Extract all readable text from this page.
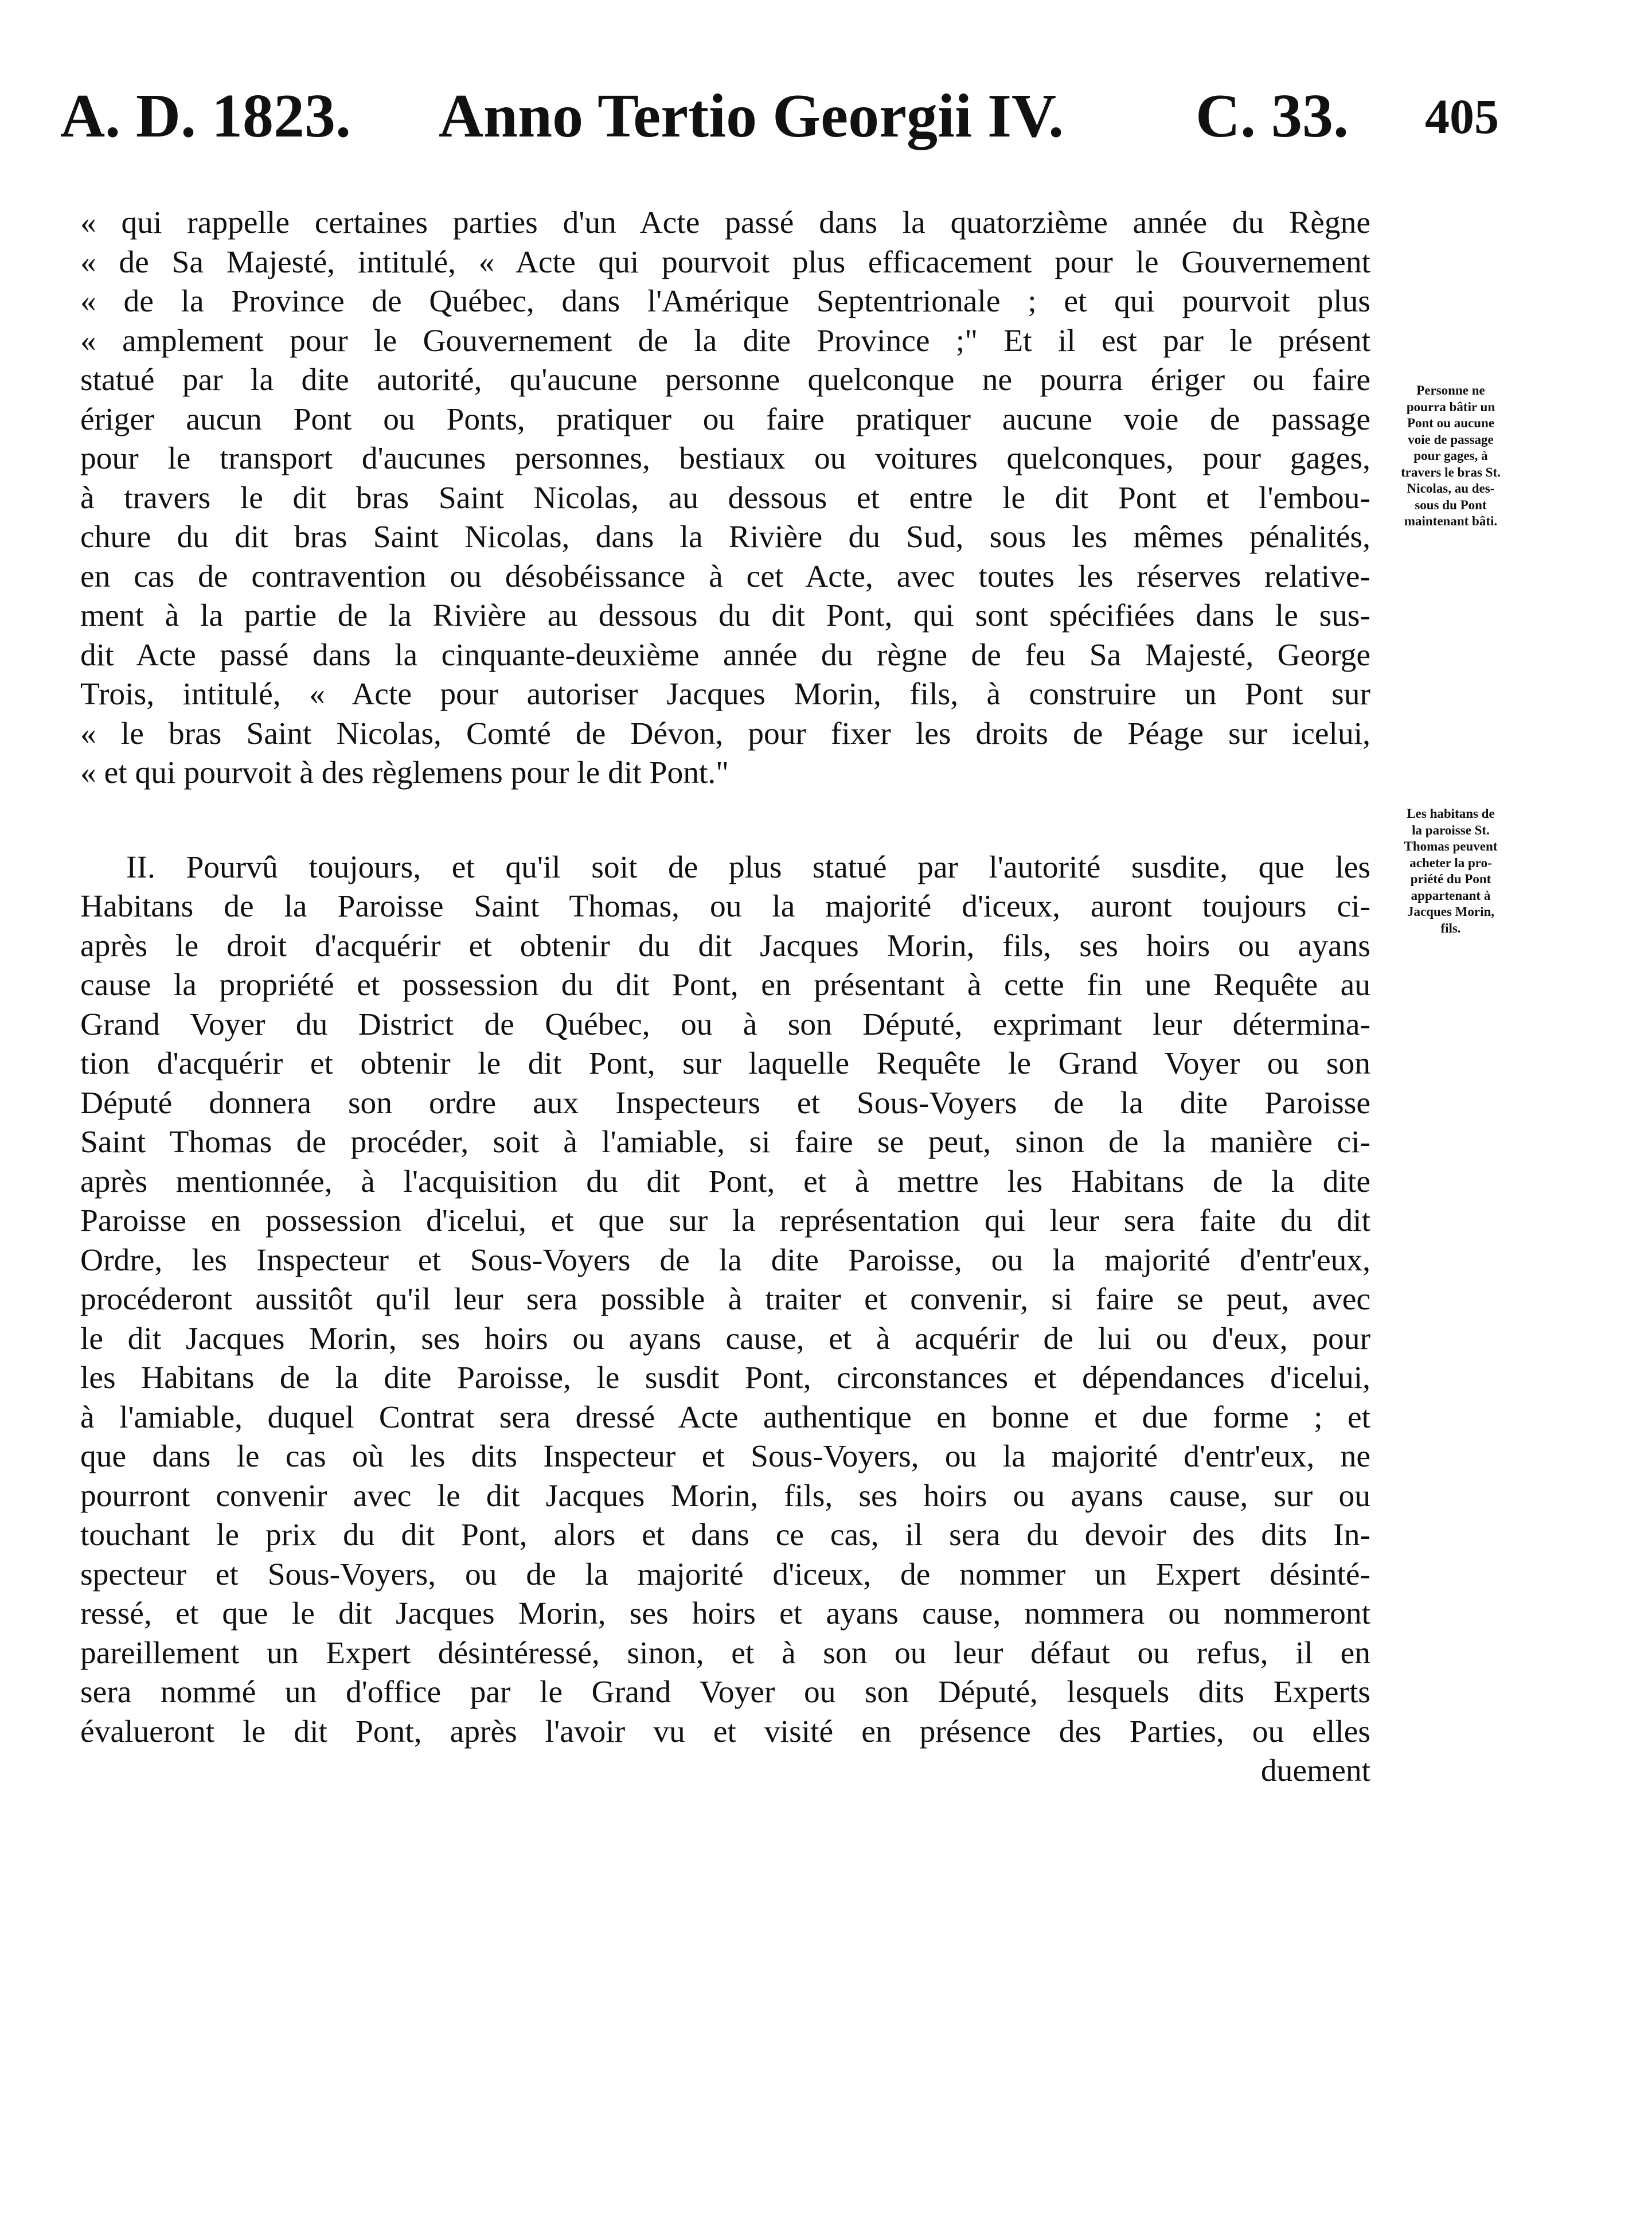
A. D. 1823. Anno Tertio Georgii IV. C. 33. 405
« qui rappelle certaines parties d'un Acte passé dans la quatorzième année du Règne
« de Sa Majesté, intitulé, « Acte qui pourvoit plus efficacement pour le Gouvernement
« de la Province de Québec, dans l'Amérique Septentrionale ; et qui pourvoit plus
« amplement pour le Gouvernement de la dite Province ;" Et il est par le présent
statué par la dite autorité, qu'aucune personne quelconque ne pourra ériger ou faire
ériger aucun Pont ou Ponts, pratiquer ou faire pratiquer aucune voie de passage
pour le transport d'aucunes personnes, bestiaux ou voitures quelconques, pour gages,
à travers le dit bras Saint Nicolas, au dessous et entre le dit Pont et l'embou-
chure du dit bras Saint Nicolas, dans la Rivière du Sud, sous les mêmes pénalités,
en cas de contravention ou désobéissance à cet Acte, avec toutes les réserves relative-
ment à la partie de la Rivière au dessous du dit Pont, qui sont spécifiées dans le sus-
dit Acte passé dans la cinquante-deuxième année du règne de feu Sa Majesté, George
Trois, intitulé, « Acte pour autoriser Jacques Morin, fils, à construire un Pont sur
« le bras Saint Nicolas, Comté de Dévon, pour fixer les droits de Péage sur icelui,
« et qui pourvoit à des règlemens pour le dit Pont."
II. Pourvû toujours, et qu'il soit de plus statué par l'autorité susdite, que les
Habitans de la Paroisse Saint Thomas, ou la majorité d'iceux, auront toujours ci-
après le droit d'acquérir et obtenir du dit Jacques Morin, fils, ses hoirs ou ayans
cause la propriété et possession du dit Pont, en présentant à cette fin une Requête au
Grand Voyer du District de Québec, ou à son Député, exprimant leur détermina-
tion d'acquérir et obtenir le dit Pont, sur laquelle Requête le Grand Voyer ou son
Député donnera son ordre aux Inspecteurs et Sous-Voyers de la dite Paroisse
Saint Thomas de procéder, soit à l'amiable, si faire se peut, sinon de la manière ci-
après mentionnée, à l'acquisition du dit Pont, et à mettre les Habitans de la dite
Paroisse en possession d'icelui, et que sur la représentation qui leur sera faite du dit
Ordre, les Inspecteur et Sous-Voyers de la dite Paroisse, ou la majorité d'entr'eux,
procéderont aussitôt qu'il leur sera possible à traiter et convenir, si faire se peut, avec
le dit Jacques Morin, ses hoirs ou ayans cause, et à acquérir de lui ou d'eux, pour
les Habitans de la dite Paroisse, le susdit Pont, circonstances et dépendances d'icelui,
à l'amiable, duquel Contrat sera dressé Acte authentique en bonne et due forme ; et
que dans le cas où les dits Inspecteur et Sous-Voyers, ou la majorité d'entr'eux, ne
pourront convenir avec le dit Jacques Morin, fils, ses hoirs ou ayans cause, sur ou
touchant le prix du dit Pont, alors et dans ce cas, il sera du devoir des dits In-
specteur et Sous-Voyers, ou de la majorité d'iceux, de nommer un Expert désinté-
ressé, et que le dit Jacques Morin, ses hoirs et ayans cause, nommera ou nommeront
pareillement un Expert désintéressé, sinon, et à son ou leur défaut ou refus, il en
sera nommé un d'office par le Grand Voyer ou son Député, lesquels dits Experts
évalueront le dit Pont, après l'avoir vu et visité en présence des Parties, ou elles
duement
Personne ne
pourra bâtir un
Pont ou aucune
voie de passage
pour gages, à
travers le bras St.
Nicolas, au des-
sous du Pont
maintenant bâti.
Les habitans de
la paroisse St.
Thomas peuvent
acheter la pro-
priété du Pont
appartenant à
Jacques Morin,
fils.
